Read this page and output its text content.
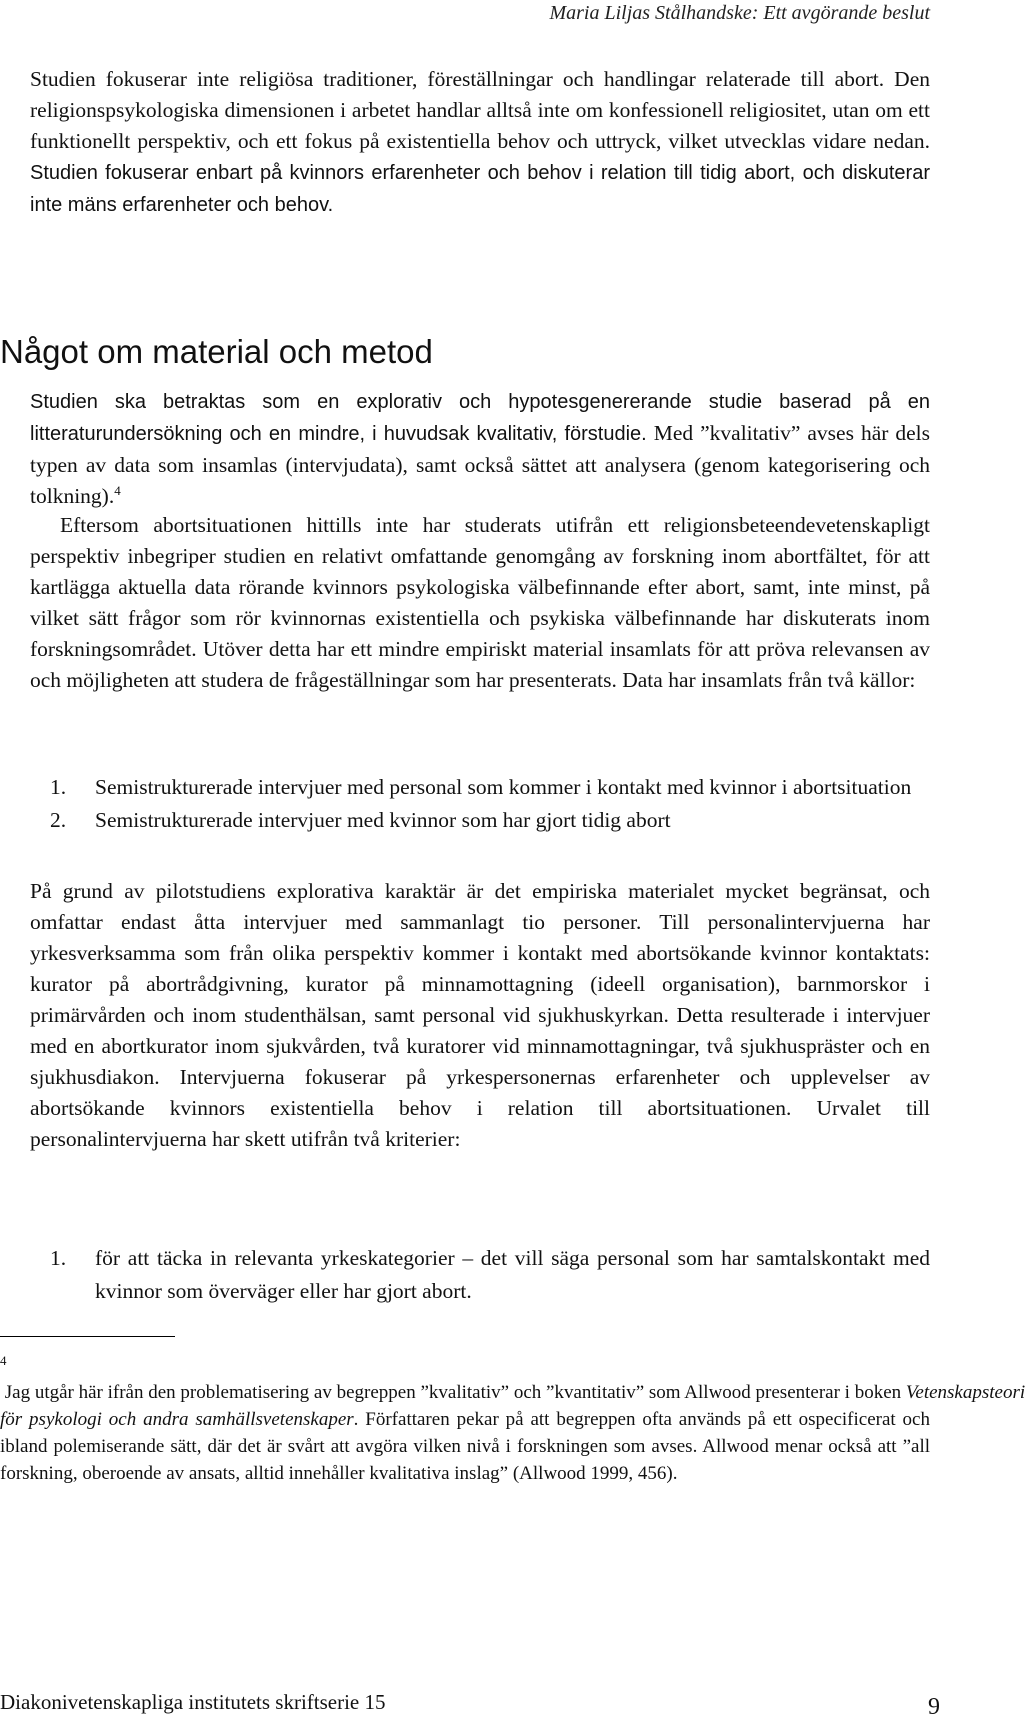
Maria Liljas Stålhandske: Ett avgörande beslut

Studien fokuserar inte religiösa traditioner, föreställningar och handlingar relaterade till abort. Den religionspsykologiska dimensionen i arbetet handlar alltså inte om konfessionell religiositet, utan om ett funktionellt perspektiv, och ett fokus på existentiella behov och uttryck, vilket utvecklas vidare nedan. Studien fokuserar enbart på kvinnors erfarenheter och behov i relation till tidig abort, och diskuterar inte mäns erfarenheter och behov.

Något om material och metod

Studien ska betraktas som en explorativ och hypotesgenererande studie baserad på en litteraturundersökning och en mindre, i huvudsak kvalitativ, förstudie. Med ”kvalitativ” avses här dels typen av data som insamlas (intervjudata), samt också sättet att analysera (genom kategorisering och tolkning).$^4$

Eftersom abortsituationen hittills inte har studerats utifrån ett religionsbeteendevetenskapligt perspektiv inbegriper studien en relativt omfattande genomgång av forskning inom abortfältet, för att kartlägga aktuella data rörande kvinnors psykologiska välbefinnande efter abort, samt, inte minst, på vilket sätt frågor som rör kvinnornas existentiella och psykiska välbefinnande har diskuterats inom forskningsområdet. Utöver detta har ett mindre empiriskt material insamlats för att pröva relevansen av och möjligheten att studera de frågeställningar som har presenterats. Data har insamlats från två källor:

1. Semistrukturerade intervjuer med personal som kommer i kontakt med kvinnor i abortsituation
2. Semistrukturerade intervjuer med kvinnor som har gjort tidig abort

På grund av pilotstudiens explorativa karaktär är det empiriska materialet mycket begränsat, och omfattar endast åtta intervjuer med sammanlagt tio personer. Till personalintervjuerna har yrkesverksamma som från olika perspektiv kommer i kontakt med abortsökande kvinnor kontaktats: kurator på abortrådgivning, kurator på minnamottagning (ideell organisation), barnmorskor i primärvården och inom studenthälsan, samt personal vid sjukhuskyrkan. Detta resulterade i intervjuer med en abortkurator inom sjukvården, två kuratorer vid minnamottagningar, två sjukhuspräster och en sjukhusdiakon. Intervjuerna fokuserar på yrkespersonernas erfarenheter och upplevelser av abortsökande kvinnors existentiella behov i relation till abortsituationen. Urvalet till personalintervjuerna har skett utifrån två kriterier:

1. för att täcka in relevanta yrkeskategorier – det vill säga personal som har samtalskontakt med kvinnor som överväger eller har gjort abort.

$^4$ Jag utgår här ifrån den problematisering av begreppen ”kvalitativ” och ”kvantitativ” som Allwood presenterar i boken Vetenskapsteori för psykologi och andra samhällsvetenskaper. Författaren pekar på att begreppen ofta används på ett ospecificerat och ibland polemiserande sätt, där det är svårt att avgöra vilken nivå i forskningen som avses. Allwood menar också att ”all forskning, oberoende av ansats, alltid innehåller kvalitativa inslag” (Allwood 1999, 456).

Diakonivetenskapliga institutets skriftserie 15	9
